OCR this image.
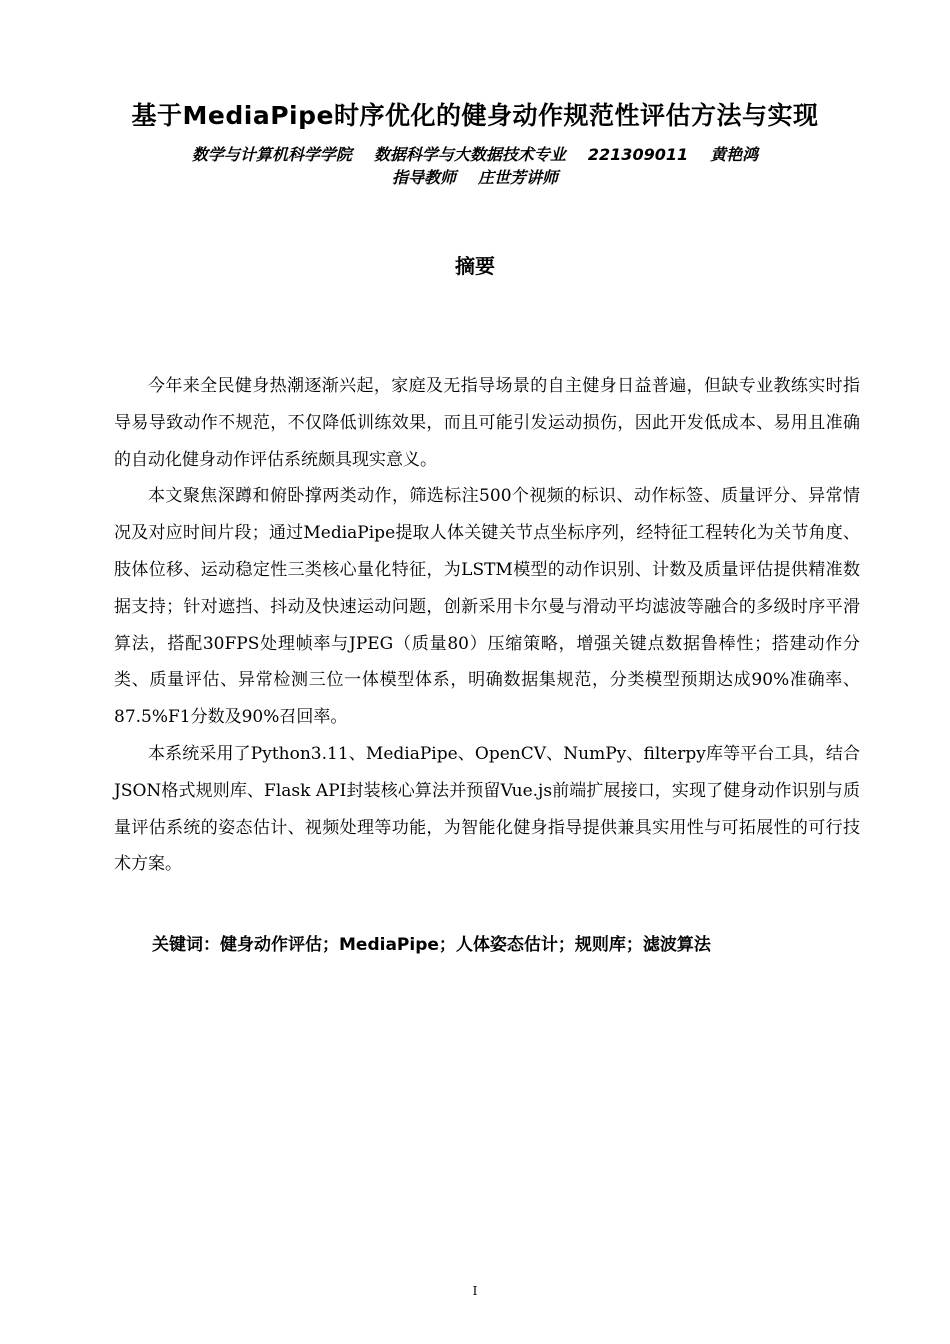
基于MediaPipe时序优化的健身动作规范性评估方法与实现
数学与计算机科学学院 数据科学与大数据技术专业 221309011 黄艳鸿
指导教师 庄世芳讲师
摘要

今年来全民健身热潮逐渐兴起，家庭及无指导场景的自主健身日益普遍，但缺专业教练实时指导易导致动作不规范，不仅降低训练效果，而且可能引发运动损伤，因此开发低成本、易用且准确的自动化健身动作评估系统颇具现实意义。

本文聚焦深蹲和俯卧撑两类动作，筛选标注500个视频的标识、动作标签、质量评分、异常情况及对应时间片段；通过MediaPipe提取人体关键关节点坐标序列，经特征工程转化为关节角度、肢体位移、运动稳定性三类核心量化特征，为LSTM模型的动作识别、计数及质量评估提供精准数据支持；针对遮挡、抖动及快速运动问题，创新采用卡尔曼与滑动平均滤波等融合的多级时序平滑算法，搭配30FPS处理帧率与JPEG（质量80）压缩策略，增强关键点数据鲁棒性；搭建动作分类、质量评估、异常检测三位一体模型体系，明确数据集规范，分类模型预期达成90%准确率、87.5%F1分数及90%召回率。

本系统采用了Python3.11、MediaPipe、OpenCV、NumPy、filterpy库等平台工具，结合JSON格式规则库、Flask API封装核心算法并预留Vue.js前端扩展接口，实现了健身动作识别与质量评估系统的姿态估计、视频处理等功能，为智能化健身指导提供兼具实用性与可拓展性的可行技术方案。

关键词：健身动作评估；MediaPipe；人体姿态估计；规则库；滤波算法
I
